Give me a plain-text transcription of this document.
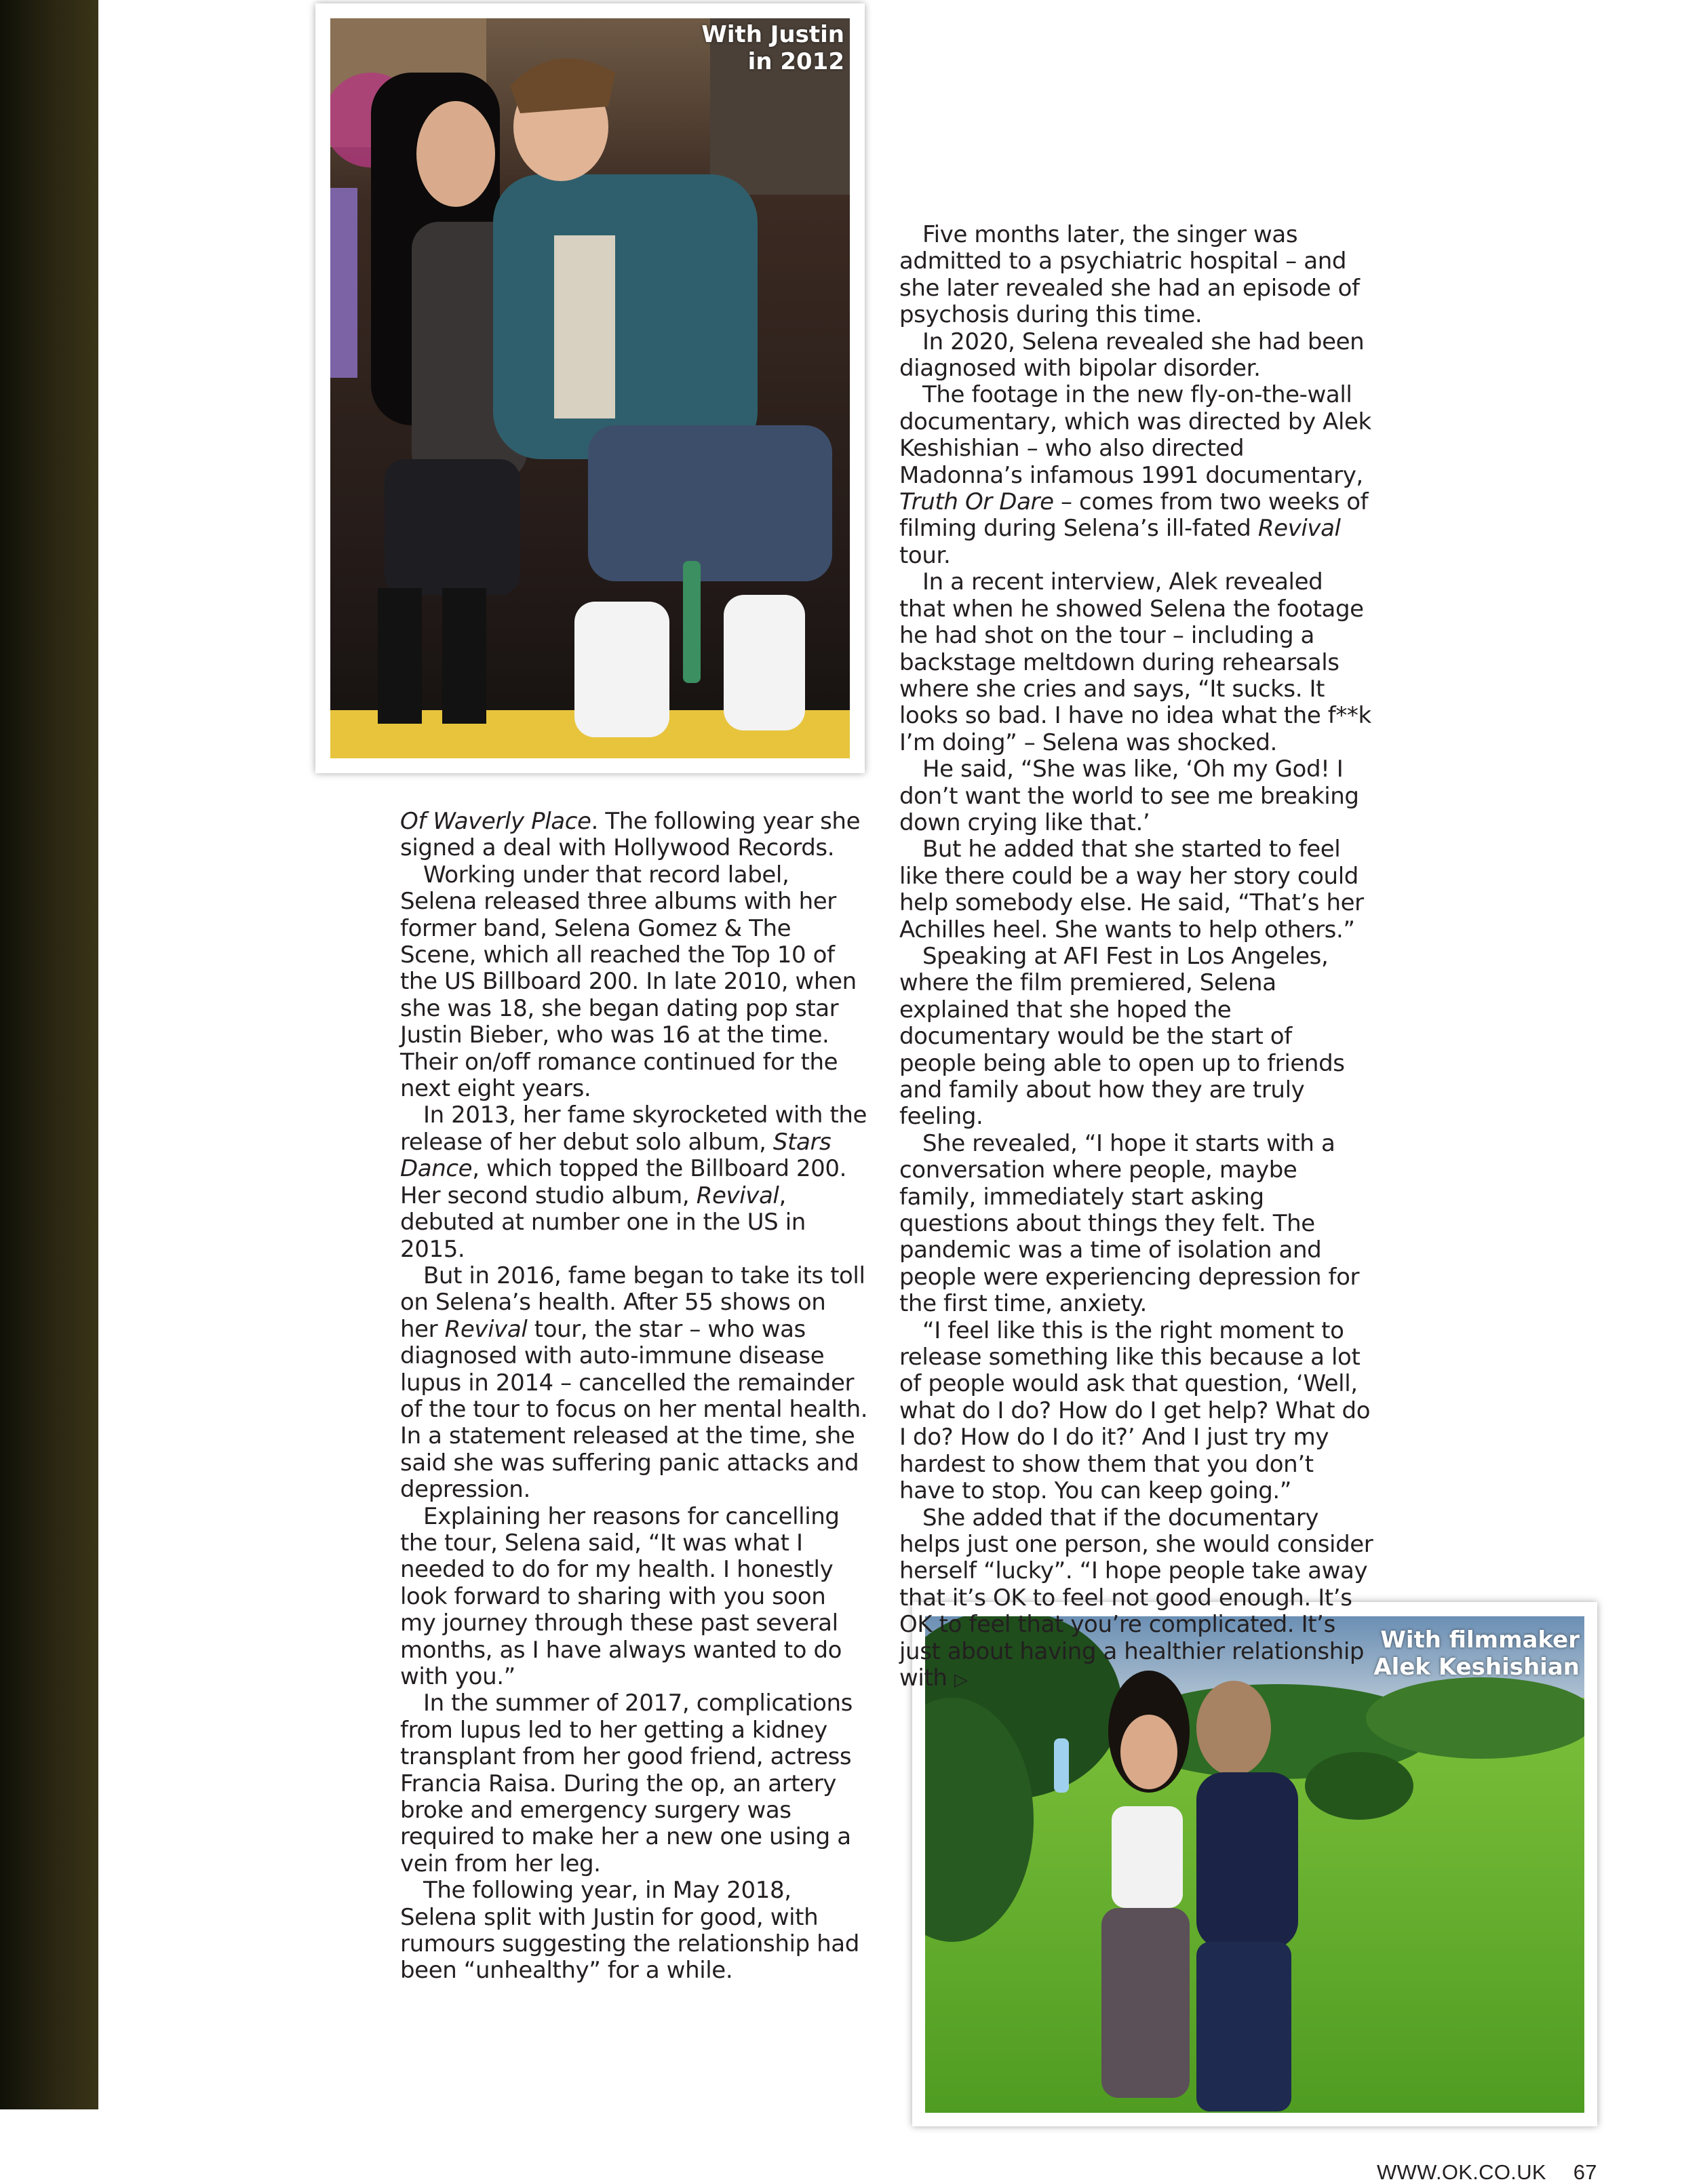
With Justin
in 2012
With filmmaker
Alek Keshishian

Of Waverly Place. The following year she signed a deal with Hollywood Records.

Working under that record label, Selena released three albums with her former band, Selena Gomez & The Scene, which all reached the Top 10 of the US Billboard 200. In late 2010, when she was 18, she began dating pop star Justin Bieber, who was 16 at the time. Their on/off romance continued for the next eight years.

In 2013, her fame skyrocketed with the release of her debut solo album, Stars Dance, which topped the Billboard 200. Her second studio album, Revival, debuted at number one in the US in 2015.

But in 2016, fame began to take its toll on Selena’s health. After 55 shows on her Revival tour, the star – who was diagnosed with auto-immune disease lupus in 2014 – cancelled the remainder of the tour to focus on her mental health. In a statement released at the time, she said she was suffering panic attacks and depression.

Explaining her reasons for cancelling the tour, Selena said, “It was what I needed to do for my health. I honestly look forward to sharing with you soon my journey through these past several months, as I have always wanted to do with you.”

In the summer of 2017, complications from lupus led to her getting a kidney transplant from her good friend, actress Francia Raisa. During the op, an artery broke and emergency surgery was required to make her a new one using a vein from her leg.

The following year, in May 2018, Selena split with Justin for good, with rumours suggesting the relationship had been “unhealthy” for a while.

Five months later, the singer was admitted to a psychiatric hospital – and she later revealed she had an episode of psychosis during this time.

In 2020, Selena revealed she had been diagnosed with bipolar disorder.

The footage in the new fly-on-the-wall documentary, which was directed by Alek Keshishian – who also directed Madonna’s infamous 1991 documentary, Truth Or Dare – comes from two weeks of filming during Selena’s ill-fated Revival tour.

In a recent interview, Alek revealed that when he showed Selena the footage he had shot on the tour – including a backstage meltdown during rehearsals where she cries and says, “It sucks. It looks so bad. I have no idea what the f**k I’m doing” – Selena was shocked.

He said, “She was like, ‘Oh my God! I don’t want the world to see me breaking down crying like that.’

But he added that she started to feel like there could be a way her story could help somebody else. He said, “That’s her Achilles heel. She wants to help others.”

Speaking at AFI Fest in Los Angeles, where the film premiered, Selena explained that she hoped the documentary would be the start of people being able to open up to friends and family about how they are truly feeling.

She revealed, “I hope it starts with a conversation where people, maybe family, immediately start asking questions about things they felt. The pandemic was a time of isolation and people were experiencing depression for the first time, anxiety.

“I feel like this is the right moment to release something like this because a lot of people would ask that question, ‘Well, what do I do? How do I get help? What do I do? How do I do it?’ And I just try my hardest to show them that you don’t have to stop. You can keep going.”

She added that if the documentary helps just one person, she would consider herself “lucky”. “I hope people take away that it’s OK to feel not good enough. It’s OK to feel that you’re complicated. It’s just about having a healthier relationship with ▷

WWW.OK.CO.UK 67
